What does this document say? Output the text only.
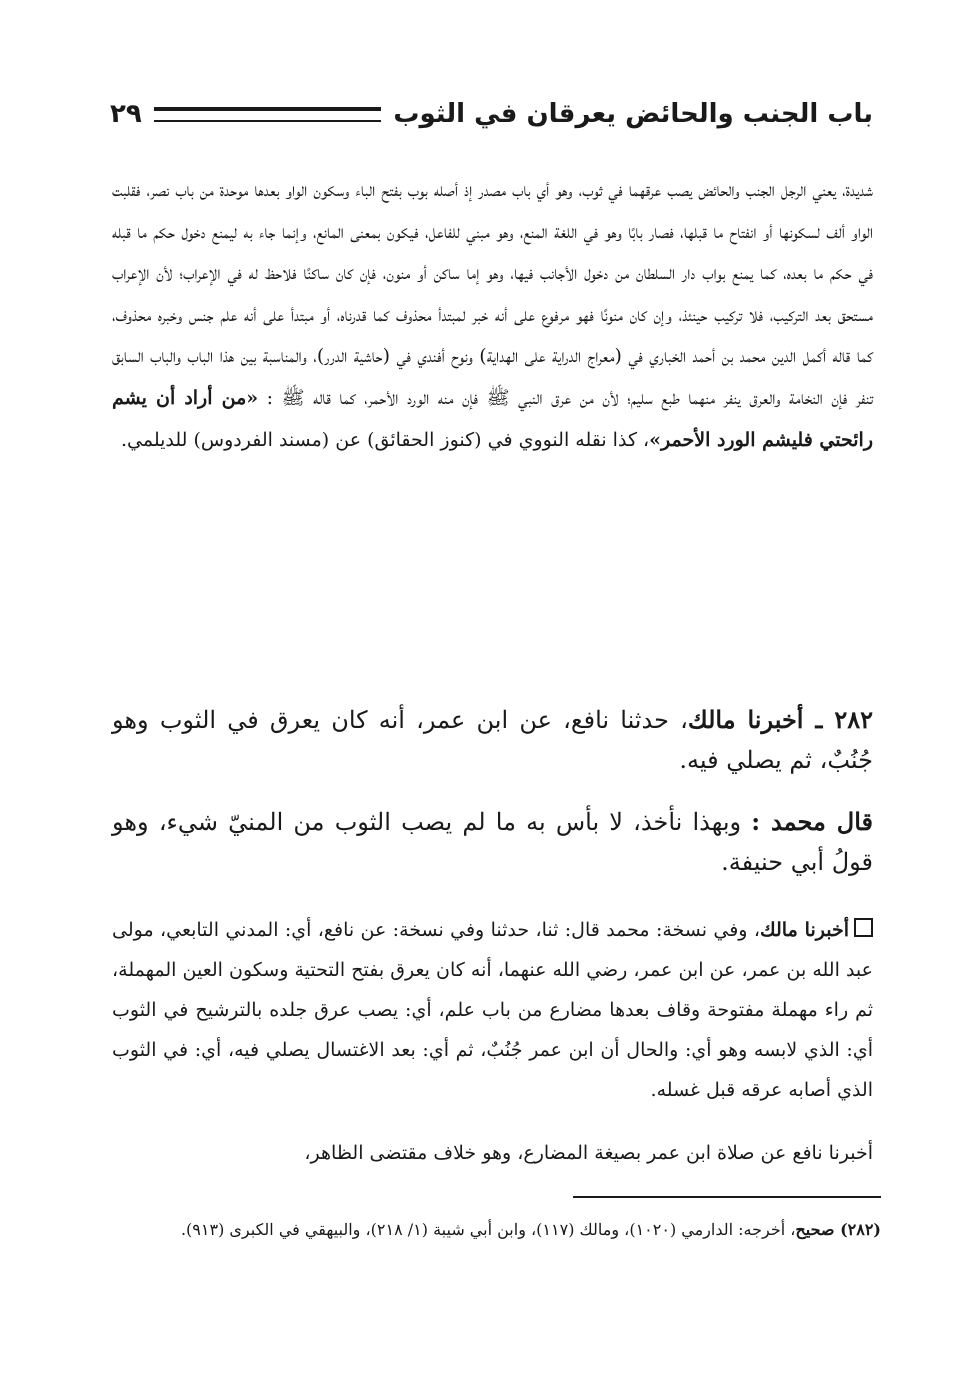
باب الجنب والحائض يعرقان في الثوب
٢٩
شديدة، يعني الرجل الجنب والحائض يصب عرقهما في ثوب، وهو أي باب مصدر إذ أصله بوب بفتح الباء وسكون الواو بعدها موحدة من باب نصر، فقلبت الواو ألف لسكونها أو انفتاح ما قبلها، فصار بابًا وهو في اللغة المنع، وهو مبني للفاعل، فيكون بمعنى المانع، وإنما جاء به ليمنع دخول حكم ما قبله في حكم ما بعده، كما يمنع بواب دار السلطان من دخول الأجانب فيها، وهو إما ساكن أو منون، فإن كان ساكنًا فلاحظ له في الإعراب؛ لأن الإعراب مستحق بعد التركيب، فلا تركيب حينئذ، وإن كان منونًا فهو مرفوع على أنه خبر لمبتدأ محذوف كما قدرناه، أو مبتدأ على أنه علم جنس وخبره محذوف، كما قاله أكمل الدين محمد بن أحمد الخباري في (معراج الدراية على الهداية) ونوح أفندي في (حاشية الدرر)، والمناسبة بين هذا الباب والباب السابق تنفر فإن النخامة والعرق ينفر منهما طبع سليم؛ لأن من عرق النبي ﷺ فإن منه الورد الأحمر، كما قاله ﷺ : «من أراد أن يشم رائحتي فليشم الورد الأحمر»، كذا نقله النووي في (كنوز الحقائق) عن (مسند الفردوس) للديلمي.
٢٨٢ ـ أخبرنا مالك، حدثنا نافع، عن ابن عمر، أنه كان يعرق في الثوب وهو جُنُبٌ، ثم يصلي فيه.
قال محمد : وبهذا نأخذ، لا بأس به ما لم يصب الثوب من المنيّ شيء، وهو قولُ أبي حنيفة.
أخبرنا مالك، وفي نسخة: محمد قال: ثنا، حدثنا وفي نسخة: عن نافع، أي: المدني التابعي، مولى عبد الله بن عمر، عن ابن عمر، رضي الله عنهما، أنه كان يعرق بفتح التحتية وسكون العين المهملة، ثم راء مهملة مفتوحة وقاف بعدها مضارع من باب علم، أي: يصب عرق جلده بالترشيح في الثوب أي: الذي لابسه وهو أي: والحال أن ابن عمر جُنُبٌ، ثم أي: بعد الاغتسال يصلي فيه، أي: في الثوب الذي أصابه عرقه قبل غسله.
أخبرنا نافع عن صلاة ابن عمر بصيغة المضارع، وهو خلاف مقتضى الظاهر،
(٢٨٢) صحيح، أخرجه: الدارمي (١٠٢٠)، ومالك (١١٧)، وابن أبي شيبة (١/ ٢١٨)، والبيهقي في الكبرى (٩١٣).
